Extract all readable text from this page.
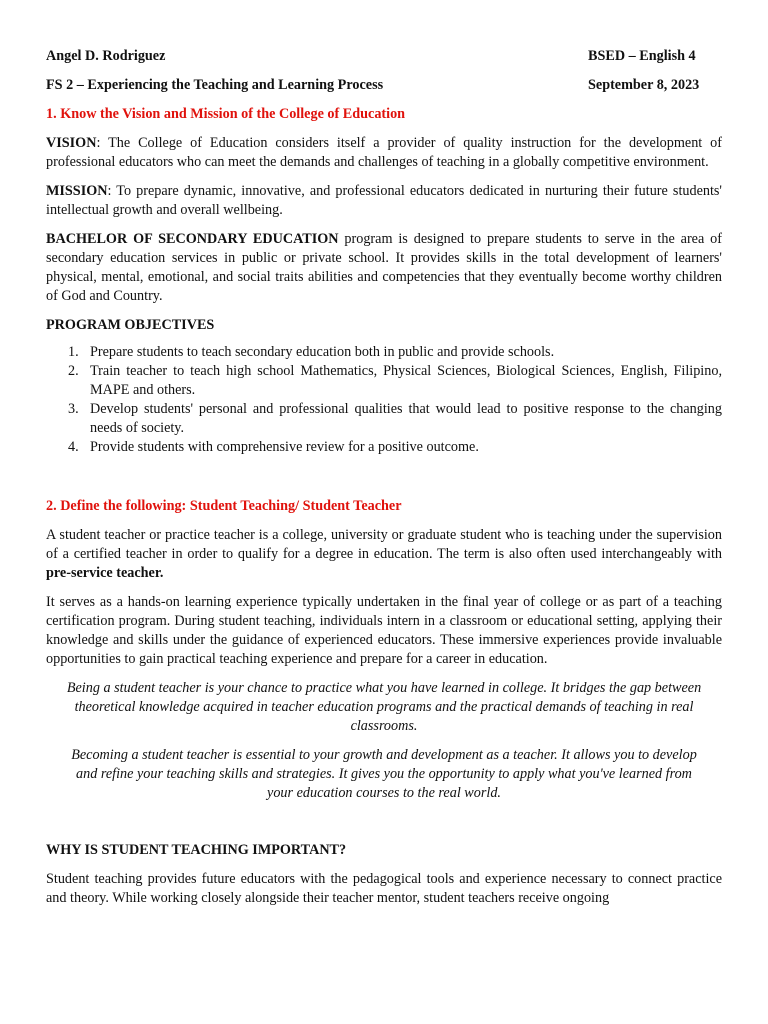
Angel D. Rodriguez	BSED – English 4
FS 2 – Experiencing the Teaching and Learning Process	September 8, 2023
1. Know the Vision and Mission of the College of Education

VISION: The College of Education considers itself a provider of quality instruction for the development of professional educators who can meet the demands and challenges of teaching in a globally competitive environment.

MISSION: To prepare dynamic, innovative, and professional educators dedicated in nurturing their future students' intellectual growth and overall wellbeing.

BACHELOR OF SECONDARY EDUCATION program is designed to prepare students to serve in the area of secondary education services in public or private school. It provides skills in the total development of learners' physical, mental, emotional, and social traits abilities and competencies that they eventually become worthy children of God and Country.

PROGRAM OBJECTIVES
1. Prepare students to teach secondary education both in public and provide schools.
2. Train teacher to teach high school Mathematics, Physical Sciences, Biological Sciences, English, Filipino, MAPE and others.
3. Develop students' personal and professional qualities that would lead to positive response to the changing needs of society.
4. Provide students with comprehensive review for a positive outcome.
2. Define the following: Student Teaching/ Student Teacher

A student teacher or practice teacher is a college, university or graduate student who is teaching under the supervision of a certified teacher in order to qualify for a degree in education. The term is also often used interchangeably with pre-service teacher.

It serves as a hands-on learning experience typically undertaken in the final year of college or as part of a teaching certification program. During student teaching, individuals intern in a classroom or educational setting, applying their knowledge and skills under the guidance of experienced educators. These immersive experiences provide invaluable opportunities to gain practical teaching experience and prepare for a career in education.

Being a student teacher is your chance to practice what you have learned in college. It bridges the gap between theoretical knowledge acquired in teacher education programs and the practical demands of teaching in real classrooms.

Becoming a student teacher is essential to your growth and development as a teacher. It allows you to develop and refine your teaching skills and strategies. It gives you the opportunity to apply what you've learned from your education courses to the real world.

WHY IS STUDENT TEACHING IMPORTANT?

Student teaching provides future educators with the pedagogical tools and experience necessary to connect practice and theory. While working closely alongside their teacher mentor, student teachers receive ongoing
